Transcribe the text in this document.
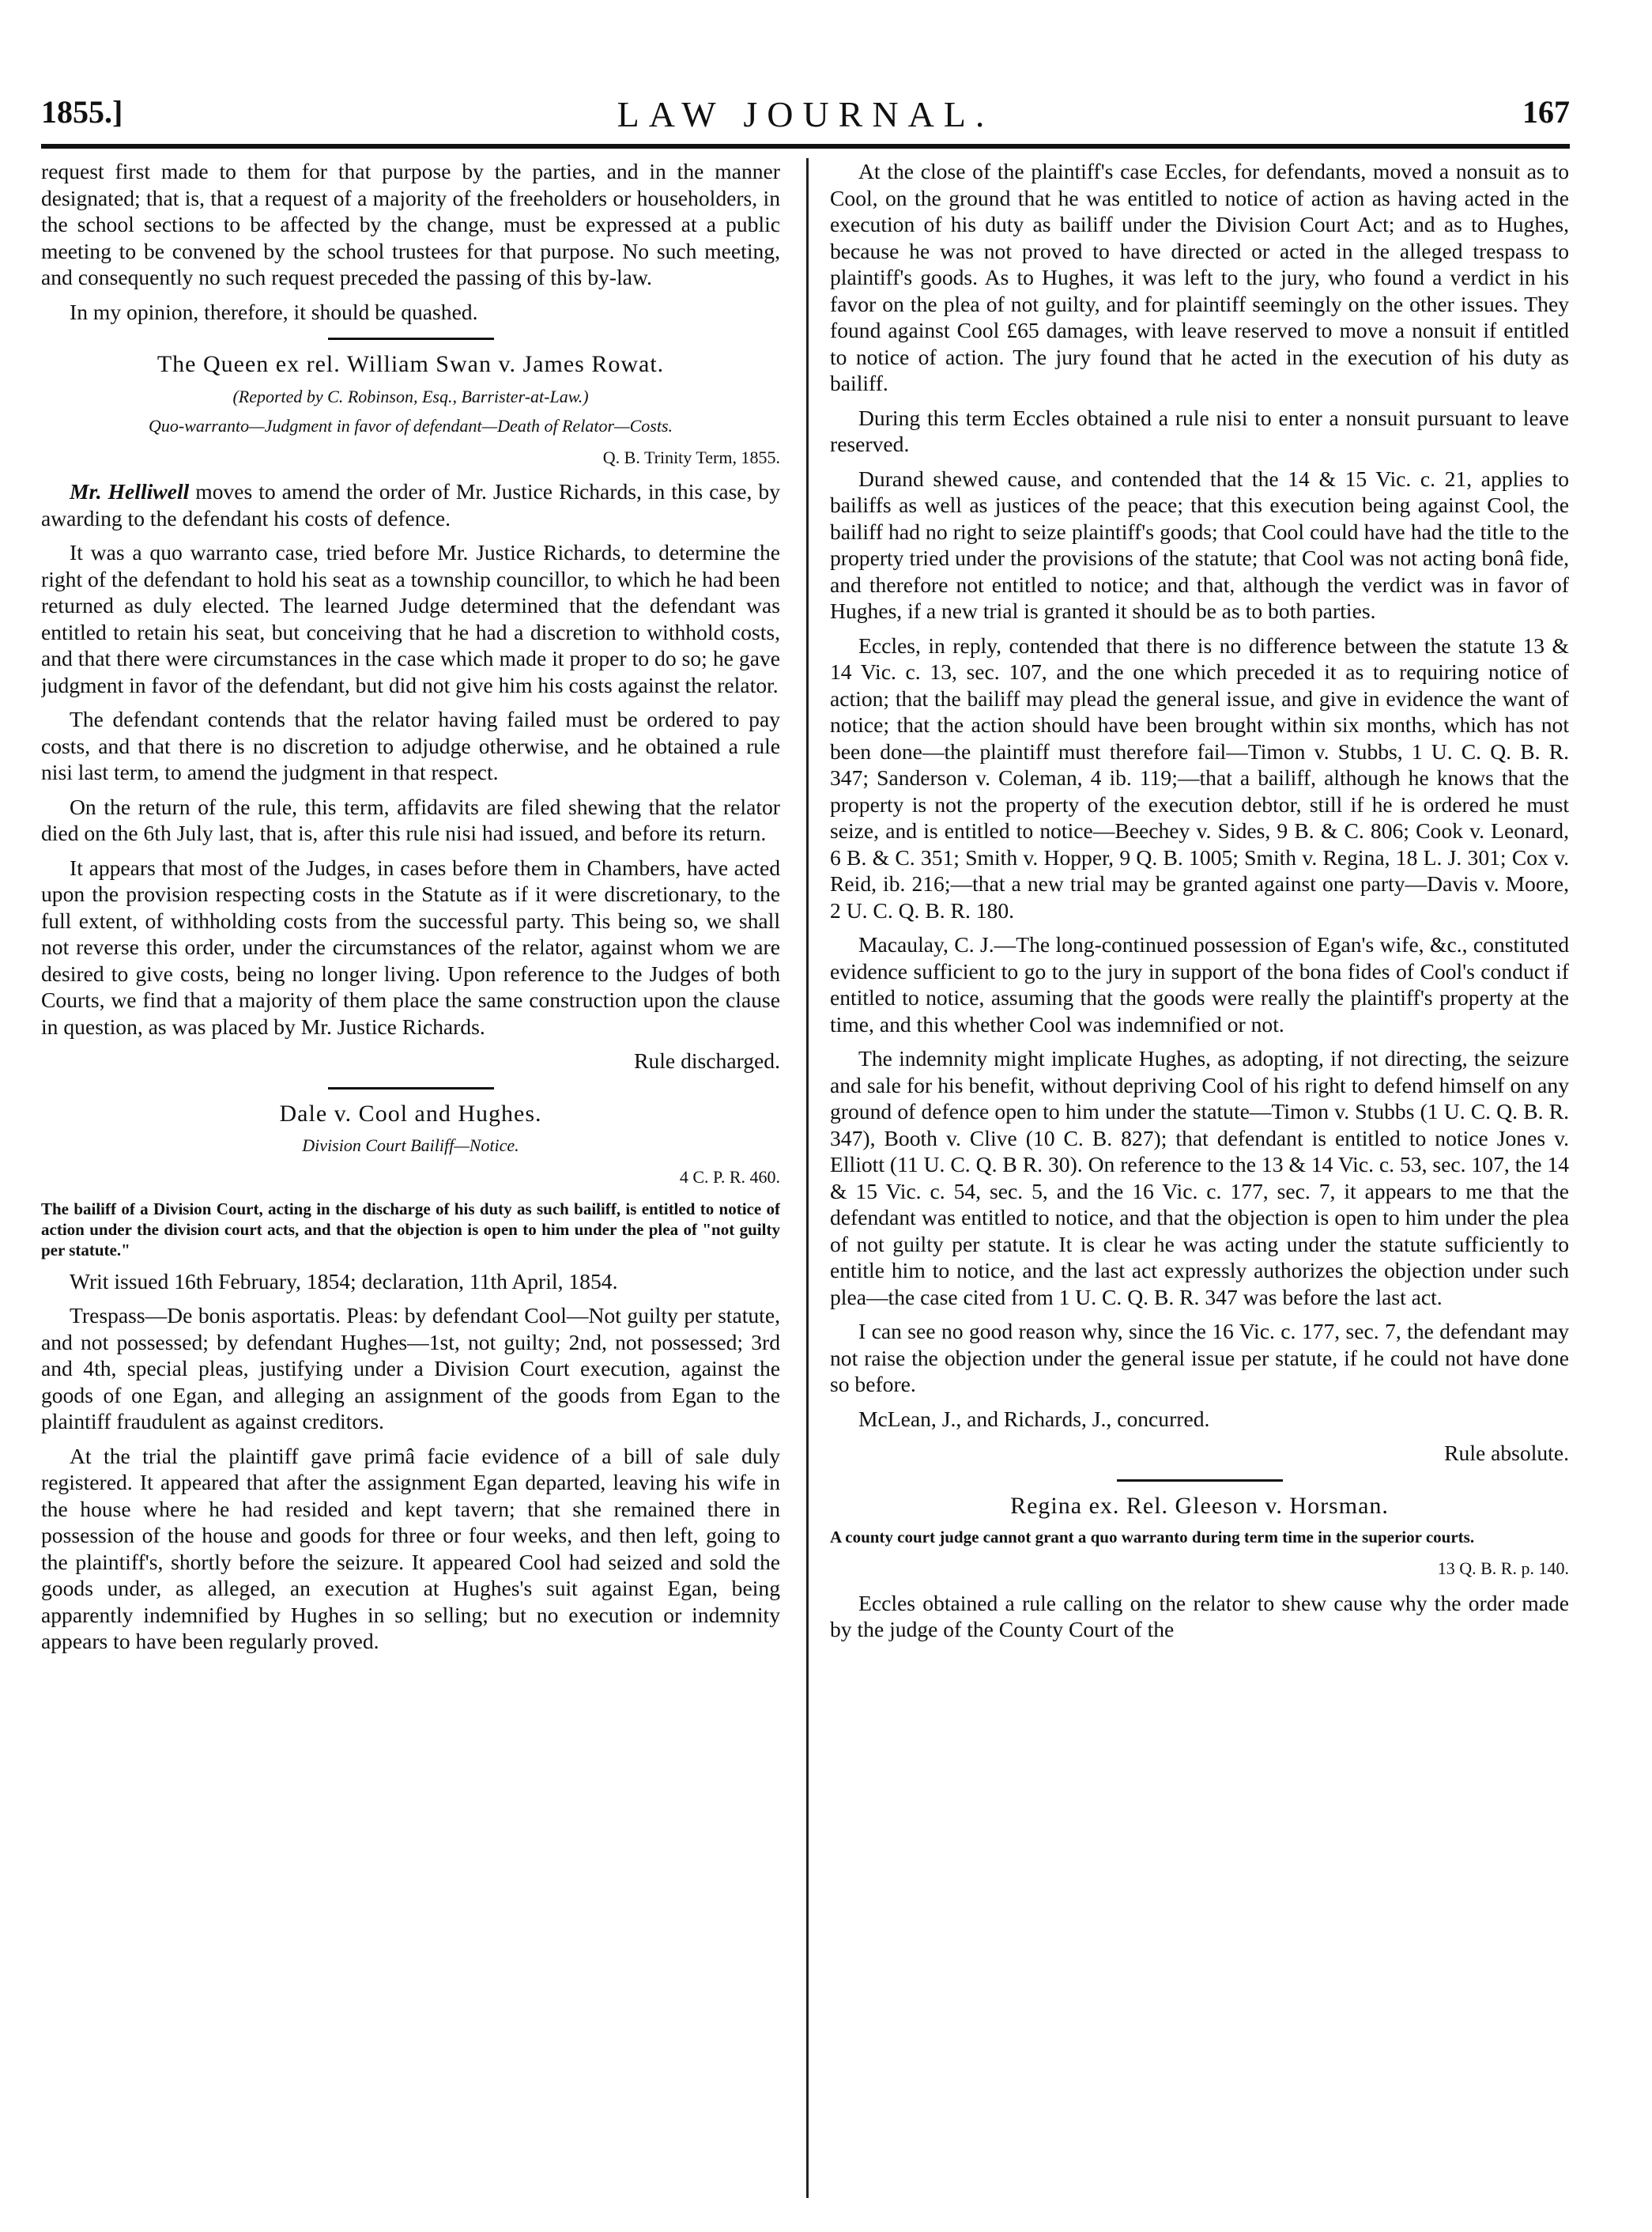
LAW JOURNAL.
1855.]	167

request first made to them for that purpose by the parties, and in the manner designated; that is, that a request of a majority of the freeholders or householders, in the school sections to be affected by the change, must be expressed at a public meeting to be convened by the school trustees for that purpose. No such meeting, and consequently no such request preceded the passing of this by-law.

In my opinion, therefore, it should be quashed.

The Queen ex rel. William Swan v. James Rowat.

(Reported by C. Robinson, Esq., Barrister-at-Law.)

Quo-warranto—Judgment in favor of defendant—Death of Relator—Costs.

Q. B. Trinity Term, 1855.

Mr. Helliwell moves to amend the order of Mr. Justice Richards, in this case, by awarding to the defendant his costs of defence.

It was a quo warranto case, tried before Mr. Justice Richards, to determine the right of the defendant to hold his seat as a township councillor, to which he had been returned as duly elected. The learned Judge determined that the defendant was entitled to retain his seat, but conceiving that he had a discretion to withhold costs, and that there were circumstances in the case which made it proper to do so; he gave judgment in favor of the defendant, but did not give him his costs against the relator.

The defendant contends that the relator having failed must be ordered to pay costs, and that there is no discretion to adjudge otherwise, and he obtained a rule nisi last term, to amend the judgment in that respect.

On the return of the rule, this term, affidavits are filed shewing that the relator died on the 6th July last, that is, after this rule nisi had issued, and before its return.

It appears that most of the Judges, in cases before them in Chambers, have acted upon the provision respecting costs in the Statute as if it were discretionary, to the full extent, of withholding costs from the successful party. This being so, we shall not reverse this order, under the circumstances of the relator, against whom we are desired to give costs, being no longer living. Upon reference to the Judges of both Courts, we find that a majority of them place the same construction upon the clause in question, as was placed by Mr. Justice Richards.

Rule discharged.

Dale v. Cool and Hughes.

Division Court Bailiff—Notice.

4 C. P. R. 460.

The bailiff of a Division Court, acting in the discharge of his duty as such bailiff, is entitled to notice of action under the division court acts, and that the objection is open to him under the plea of "not guilty per statute."

Writ issued 16th February, 1854; declaration, 11th April, 1854.

Trespass—De bonis asportatis. Pleas: by defendant Cool—Not guilty per statute, and not possessed; by defendant Hughes—1st, not guilty; 2nd, not possessed; 3rd and 4th, special pleas, justifying under a Division Court execution, against the goods of one Egan, and alleging an assignment of the goods from Egan to the plaintiff fraudulent as against creditors.

At the trial the plaintiff gave primâ facie evidence of a bill of sale duly registered. It appeared that after the assignment Egan departed, leaving his wife in the house where he had resided and kept tavern; that she remained there in possession of the house and goods for three or four weeks, and then left, going to the plaintiff's, shortly before the seizure. It appeared Cool had seized and sold the goods under, as alleged, an execution at Hughes's suit against Egan, being apparently indemnified by Hughes in so selling; but no execution or indemnity appears to have been regularly proved.

At the close of the plaintiff's case Eccles, for defendants, moved a nonsuit as to Cool, on the ground that he was entitled to notice of action as having acted in the execution of his duty as bailiff under the Division Court Act; and as to Hughes, because he was not proved to have directed or acted in the alleged trespass to plaintiff's goods. As to Hughes, it was left to the jury, who found a verdict in his favor on the plea of not guilty, and for plaintiff seemingly on the other issues. They found against Cool £65 damages, with leave reserved to move a nonsuit if entitled to notice of action. The jury found that he acted in the execution of his duty as bailiff.

During this term Eccles obtained a rule nisi to enter a nonsuit pursuant to leave reserved.

Durand shewed cause, and contended that the 14 & 15 Vic. c. 21, applies to bailiffs as well as justices of the peace; that this execution being against Cool, the bailiff had no right to seize plaintiff's goods; that Cool could have had the title to the property tried under the provisions of the statute; that Cool was not acting bonâ fide, and therefore not entitled to notice; and that, although the verdict was in favor of Hughes, if a new trial is granted it should be as to both parties.

Eccles, in reply, contended that there is no difference between the statute 13 & 14 Vic. c. 13, sec. 107, and the one which preceded it as to requiring notice of action; that the bailiff may plead the general issue, and give in evidence the want of notice; that the action should have been brought within six months, which has not been done—the plaintiff must therefore fail—Timon v. Stubbs, 1 U. C. Q. B. R. 347; Sanderson v. Coleman, 4 ib. 119;—that a bailiff, although he knows that the property is not the property of the execution debtor, still if he is ordered he must seize, and is entitled to notice—Beechey v. Sides, 9 B. & C. 806; Cook v. Leonard, 6 B. & C. 351; Smith v. Hopper, 9 Q. B. 1005; Smith v. Regina, 18 L. J. 301; Cox v. Reid, ib. 216;—that a new trial may be granted against one party—Davis v. Moore, 2 U. C. Q. B. R. 180.

Macaulay, C. J.—The long-continued possession of Egan's wife, &c., constituted evidence sufficient to go to the jury in support of the bona fides of Cool's conduct if entitled to notice, assuming that the goods were really the plaintiff's property at the time, and this whether Cool was indemnified or not.

The indemnity might implicate Hughes, as adopting, if not directing, the seizure and sale for his benefit, without depriving Cool of his right to defend himself on any ground of defence open to him under the statute—Timon v. Stubbs (1 U. C. Q. B. R. 347), Booth v. Clive (10 C. B. 827); that defendant is entitled to notice Jones v. Elliott (11 U. C. Q. B R. 30). On reference to the 13 & 14 Vic. c. 53, sec. 107, the 14 & 15 Vic. c. 54, sec. 5, and the 16 Vic. c. 177, sec. 7, it appears to me that the defendant was entitled to notice, and that the objection is open to him under the plea of not guilty per statute. It is clear he was acting under the statute sufficiently to entitle him to notice, and the last act expressly authorizes the objection under such plea—the case cited from 1 U. C. Q. B. R. 347 was before the last act.

I can see no good reason why, since the 16 Vic. c. 177, sec. 7, the defendant may not raise the objection under the general issue per statute, if he could not have done so before.

McLean, J., and Richards, J., concurred.

Rule absolute.

Regina ex. Rel. Gleeson v. Horsman.

A county court judge cannot grant a quo warranto during term time in the superior courts.

13 Q. B. R. p. 140.

Eccles obtained a rule calling on the relator to shew cause why the order made by the judge of the County Court of the
